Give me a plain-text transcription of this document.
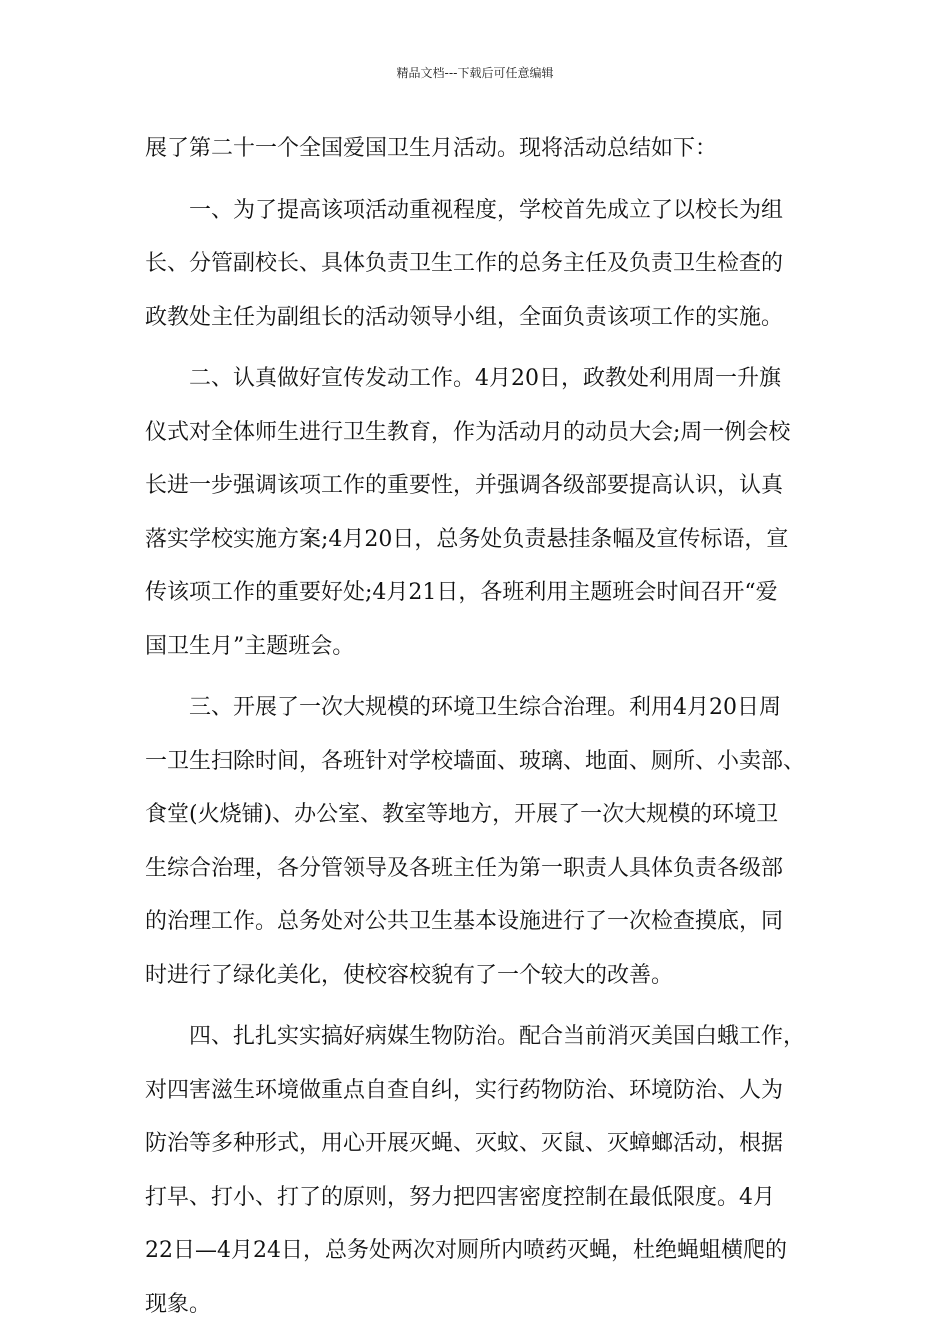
精品文档---下载后可任意编辑
展了第二十一个全国爱国卫生月活动。现将活动总结如下：
　　一、为了提高该项活动重视程度，学校首先成立了以校长为组
长、分管副校长、具体负责卫生工作的总务主任及负责卫生检查的
政教处主任为副组长的活动领导小组，全面负责该项工作的实施。
　　二、认真做好宣传发动工作。4月20日，政教处利用周一升旗
仪式对全体师生进行卫生教育，作为活动月的动员大会;周一例会校
长进一步强调该项工作的重要性，并强调各级部要提高认识，认真
落实学校实施方案;4月20日，总务处负责悬挂条幅及宣传标语，宣
传该项工作的重要好处;4月21日，各班利用主题班会时间召开“爱
国卫生月”主题班会。
　　三、开展了一次大规模的环境卫生综合治理。利用4月20日周
一卫生扫除时间，各班针对学校墙面、玻璃、地面、厕所、小卖部、
食堂(火烧铺)、办公室、教室等地方，开展了一次大规模的环境卫
生综合治理，各分管领导及各班主任为第一职责人具体负责各级部
的治理工作。总务处对公共卫生基本设施进行了一次检查摸底，同
时进行了绿化美化，使校容校貌有了一个较大的改善。
　　四、扎扎实实搞好病媒生物防治。配合当前消灭美国白蛾工作，
对四害滋生环境做重点自查自纠，实行药物防治、环境防治、人为
防治等多种形式，用心开展灭蝇、灭蚊、灭鼠、灭蟑螂活动，根据
打早、打小、打了的原则，努力把四害密度控制在最低限度。4月
22日—4月24日，总务处两次对厕所内喷药灭蝇，杜绝蝇蛆横爬的
现象。
